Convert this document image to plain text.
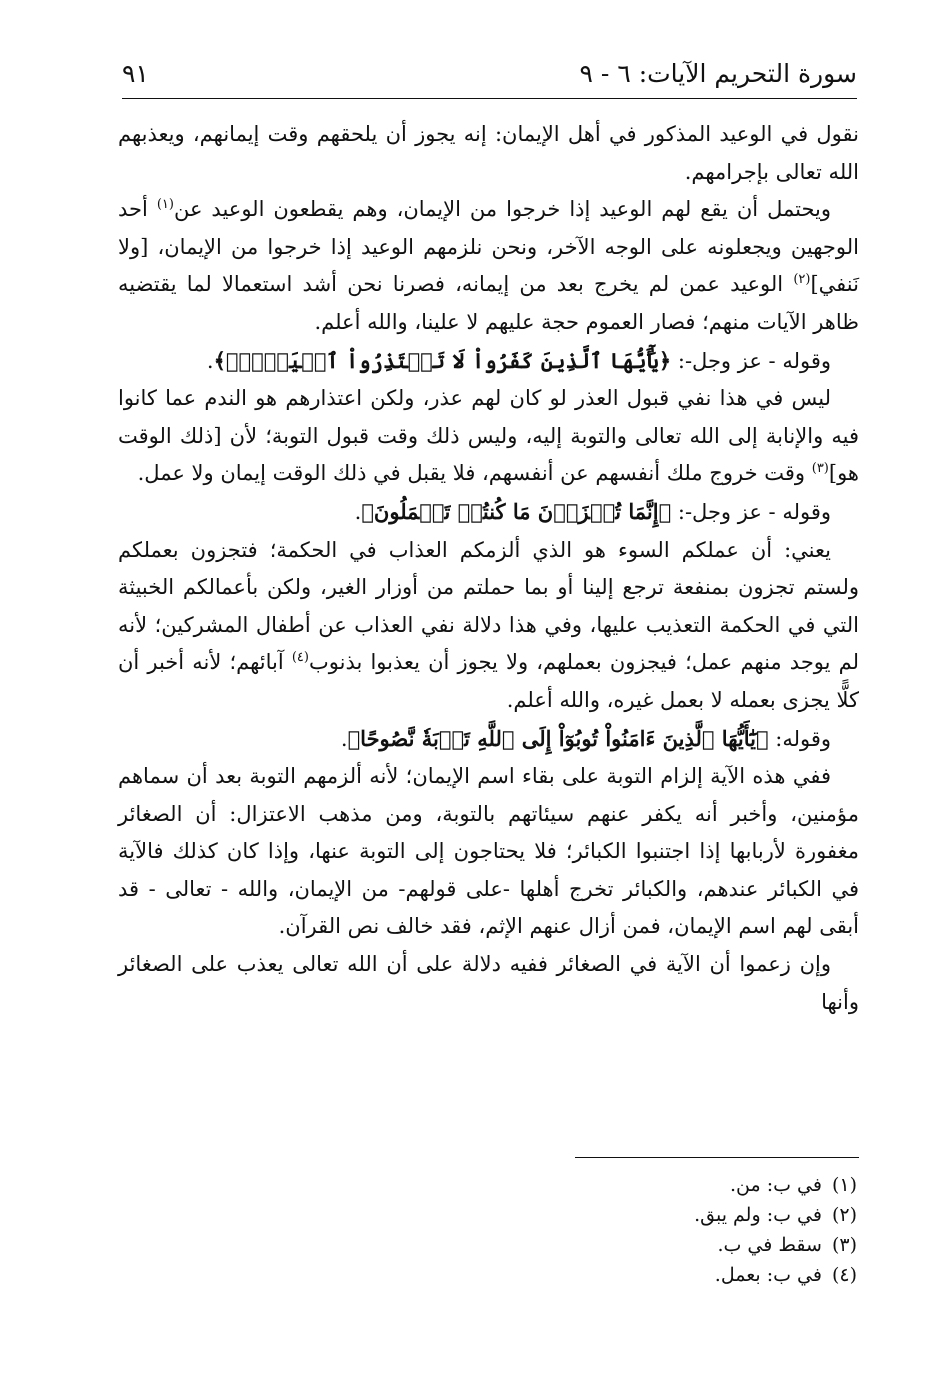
سورة التحريم الآيات: ٦ - ٩
٩١

نقول في الوعيد المذكور في أهل الإيمان: إنه يجوز أن يلحقهم وقت إيمانهم، ويعذبهم الله تعالى بإجرامهم.

ويحتمل أن يقع لهم الوعيد إذا خرجوا من الإيمان، وهم يقطعون الوعيد عن$^{(١)}$ أحد الوجهين ويجعلونه على الوجه الآخر، ونحن نلزمهم الوعيد إذا خرجوا من الإيمان، [ولا نَنفي]$^{(٢)}$ الوعيد عمن لم يخرج بعد من إيمانه، فصرنا نحن أشد استعمالا لما يقتضيه ظاهر الآيات منهم؛ فصار العموم حجة عليهم لا علينا، والله أعلم.

وقوله - عز وجل-: ﴿يَٰٓأَيُّهَا ٱلَّذِينَ كَفَرُواْ لَا تَعۡتَذِرُواْ ٱلۡيَوۡمَۖ﴾.

ليس في هذا نفي قبول العذر لو كان لهم عذر، ولكن اعتذارهم هو الندم عما كانوا فيه والإنابة إلى الله تعالى والتوبة إليه، وليس ذلك وقت قبول التوبة؛ لأن [ذلك الوقت هو]$^{(٣)}$ وقت خروج ملك أنفسهم عن أنفسهم، فلا يقبل في ذلك الوقت إيمان ولا عمل.

وقوله - عز وجل-: ﴿إِنَّمَا تُجۡزَوۡنَ مَا كُنتُمۡ تَعۡمَلُونَ﴾.

يعني: أن عملكم السوء هو الذي ألزمكم العذاب في الحكمة؛ فتجزون بعملكم ولستم تجزون بمنفعة ترجع إلينا أو بما حملتم من أوزار الغير، ولكن بأعمالكم الخبيثة التي في الحكمة التعذيب عليها، وفي هذا دلالة نفي العذاب عن أطفال المشركين؛ لأنه لم يوجد منهم عمل؛ فيجزون بعملهم، ولا يجوز أن يعذبوا بذنوب$^{(٤)}$ آبائهم؛ لأنه أخبر أن كلًّا يجزى بعمله لا بعمل غيره، والله أعلم.

وقوله: ﴿يَٰٓأَيُّهَا ٱلَّذِينَ ءَامَنُواْ تُوبُوٓاْ إِلَى ٱللَّهِ تَوۡبَةٗ نَّصُوحًا﴾.

ففي هذه الآية إلزام التوبة على بقاء اسم الإيمان؛ لأنه ألزمهم التوبة بعد أن سماهم مؤمنين، وأخبر أنه يكفر عنهم سيئاتهم بالتوبة، ومن مذهب الاعتزال: أن الصغائر مغفورة لأربابها إذا اجتنبوا الكبائر؛ فلا يحتاجون إلى التوبة عنها، وإذا كان كذلك فالآية في الكبائر عندهم، والكبائر تخرج أهلها -على قولهم- من الإيمان، والله - تعالى - قد أبقى لهم اسم الإيمان، فمن أزال عنهم الإثم، فقد خالف نص القرآن.

وإن زعموا أن الآية في الصغائر ففيه دلالة على أن الله تعالى يعذب على الصغائر وأنها

(١)في ب: من.
(٢)في ب: ولم يبق.
(٣)سقط في ب.
(٤)في ب: بعمل.
